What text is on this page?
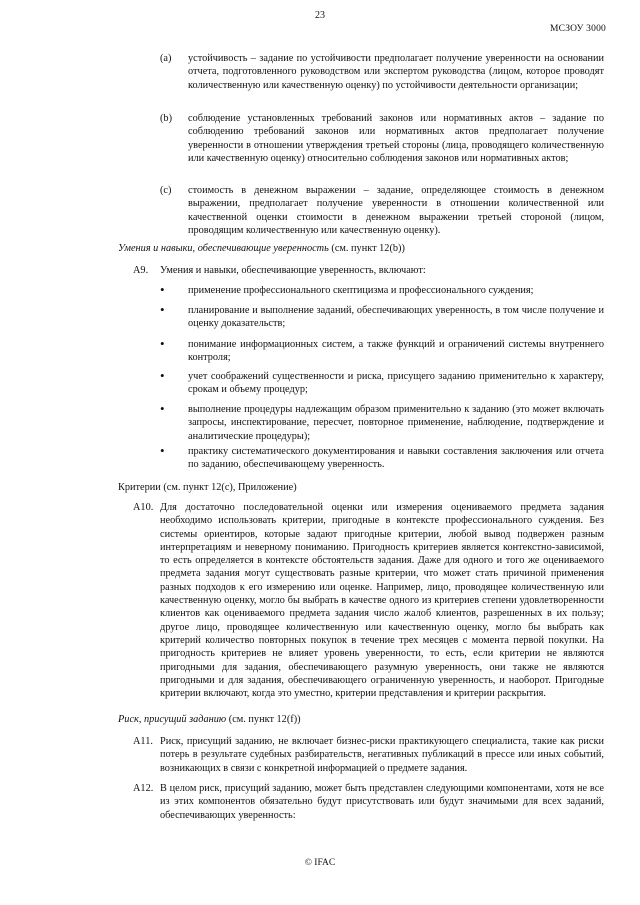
23
МСЗОУ 3000
(a) устойчивость – задание по устойчивости предполагает получение уверенности на основании отчета, подготовленного руководством или экспертом руководства (лицом, которое проводят количественную или качественную оценку) по устойчивости деятельности организации;

(b) соблюдение установленных требований законов или нормативных актов – задание по соблюдению требований законов или нормативных актов предполагает получение уверенности в отношении утверждения третьей стороны (лица, проводящего количественную или качественную оценку) относительно соблюдения законов или нормативных актов;

(c) стоимость в денежном выражении – задание, определяющее стоимость в денежном выражении, предполагает получение уверенности в отношении количественной или качественной оценки стоимости в денежном выражении третьей стороной (лицом, проводящим количественную или качественную оценку).

Умения и навыки, обеспечивающие уверенность (см. пункт 12(b))
A9. Умения и навыки, обеспечивающие уверенность, включают:

• применение профессионального скептицизма и профессионального суждения;

• планирование и выполнение заданий, обеспечивающих уверенность, в том числе получение и оценку доказательств;

• понимание информационных систем, а также функций и ограничений системы внутреннего контроля;

• учет соображений существенности и риска, присущего заданию применительно к характеру, срокам и объему процедур;

• выполнение процедуры надлежащим образом применительно к заданию (это может включать запросы, инспектирование, пересчет, повторное применение, наблюдение, подтверждение и аналитические процедуры);

• практику систематического документирования и навыки составления заключения или отчета по заданию, обеспечивающему уверенность.

Критерии (см. пункт 12(c), Приложение)
A10. Для достаточно последовательной оценки или измерения оцениваемого предмета задания необходимо использовать критерии, пригодные в контексте профессионального суждения. Без системы ориентиров, которые задают пригодные критерии, любой вывод подвержен разным интерпретациям и неверному пониманию. Пригодность критериев является контекстно-зависимой, то есть определяется в контексте обстоятельств задания. Даже для одного и того же оцениваемого предмета задания могут существовать разные критерии, что может стать причиной применения разных подходов к его измерению или оценке. Например, лицо, проводящее количественную или качественную оценку, могло бы выбрать в качестве одного из критериев степени удовлетворенности клиентов как оцениваемого предмета задания число жалоб клиентов, разрешенных в их пользу; другое лицо, проводящее количественную или качественную оценку, могло бы выбрать как критерий количество повторных покупок в течение трех месяцев с момента первой покупки. На пригодность критериев не влияет уровень уверенности, то есть, если критерии не являются пригодными для задания, обеспечивающего разумную уверенность, они также не являются пригодными и для задания, обеспечивающего ограниченную уверенность, и наоборот. Пригодные критерии включают, когда это уместно, критерии представления и критерии раскрытия.

Риск, присущий заданию (см. пункт 12(f))
A11. Риск, присущий заданию, не включает бизнес-риски практикующего специалиста, такие как риски потерь в результате судебных разбирательств, негативных публикаций в прессе или иных событий, возникающих в связи с конкретной информацией о предмете задания.

A12. В целом риск, присущий заданию, может быть представлен следующими компонентами, хотя не все из этих компонентов обязательно будут присутствовать или будут значимыми для всех заданий, обеспечивающих уверенность:

© IFAC
